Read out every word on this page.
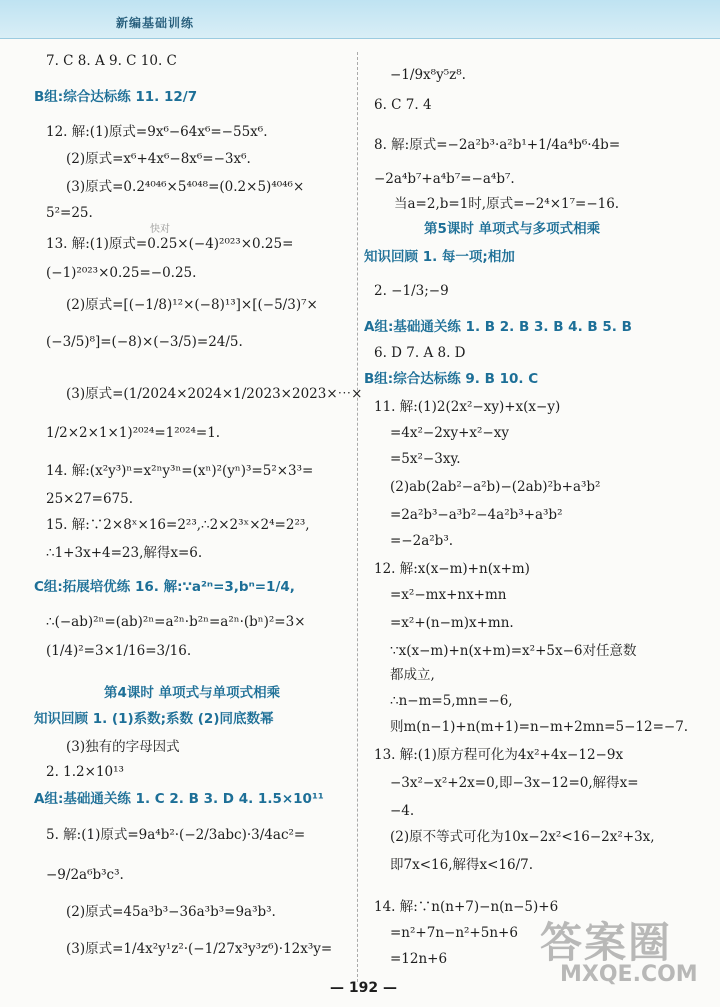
新编基础训练
7. C 8. A 9. C 10. C
B组:综合达标练 11. 12/7
12. 解:(1)原式=9x⁶−64x⁶=−55x⁶.
(2)原式=x⁶+4x⁶−8x⁶=−3x⁶.
(3)原式=0.2⁴⁰⁴⁶×5⁴⁰⁴⁸=(0.2×5)⁴⁰⁴⁶×
5²=25.
13. 解:(1)原式=0.25×(−4)²⁰²³×0.25=
(−1)²⁰²³×0.25=−0.25.
(2)原式=[(−1/8)¹²×(−8)¹³]×[(−5/3)⁷×
(−3/5)⁸]=(−8)×(−3/5)=24/5.
(3)原式=(1/2024×2024×1/2023×2023×⋯×
1/2×2×1×1)²⁰²⁴=1²⁰²⁴=1.
14. 解:(x²y³)ⁿ=x²ⁿy³ⁿ=(xⁿ)²(yⁿ)³=5²×3³=
25×27=675.
15. 解:∵2×8ˣ×16=2²³,∴2×2³ˣ×2⁴=2²³,
∴1+3x+4=23,解得x=6.
C组:拓展培优练 16. 解:∵a²ⁿ=3,bⁿ=1/4,
∴(−ab)²ⁿ=(ab)²ⁿ=a²ⁿ·b²ⁿ=a²ⁿ·(bⁿ)²=3×
(1/4)²=3×1/16=3/16.
第4课时 单项式与单项式相乘
知识回顾 1. (1)系数;系数 (2)同底数幂
(3)独有的字母因式
2. 1.2×10¹³
A组:基础通关练 1. C 2. B 3. D 4. 1.5×10¹¹
5. 解:(1)原式=9a⁴b²·(−2/3abc)·3/4ac²=
−9/2a⁶b³c³.
(2)原式=45a³b³−36a³b³=9a³b³.
(3)原式=1/4x²y¹z²·(−1/27x³y³z⁶)·12x³y=
−1/9x⁸y⁵z⁸.
6. C 7. 4
8. 解:原式=−2a²b³·a²b¹+1/4a⁴b⁶·4b=
−2a⁴b⁷+a⁴b⁷=−a⁴b⁷.
当a=2,b=1时,原式=−2⁴×1⁷=−16.
第5课时 单项式与多项式相乘
知识回顾 1. 每一项;相加
2. −1/3;−9
A组:基础通关练 1. B 2. B 3. B 4. B 5. B
6. D 7. A 8. D
B组:综合达标练 9. B 10. C
11. 解:(1)2(2x²−xy)+x(x−y)
=4x²−2xy+x²−xy
=5x²−3xy.
(2)ab(2ab²−a²b)−(2ab)²b+a³b²
=2a²b³−a³b²−4a²b³+a³b²
=−2a²b³.
12. 解:x(x−m)+n(x+m)
=x²−mx+nx+mn
=x²+(n−m)x+mn.
∵x(x−m)+n(x+m)=x²+5x−6对任意数
都成立,
∴n−m=5,mn=−6,
则m(n−1)+n(m+1)=n−m+2mn=5−12=−7.
13. 解:(1)原方程可化为4x²+4x−12−9x
−3x²−x²+2x=0,即−3x−12=0,解得x=
−4.
(2)原不等式可化为10x−2x²<16−2x²+3x,
即7x<16,解得x<16/7.
14. 解:∵n(n+7)−n(n−5)+6
=n²+7n−n²+5n+6
=12n+6
快对
答案圈
MXQE.COM
— 192 —
